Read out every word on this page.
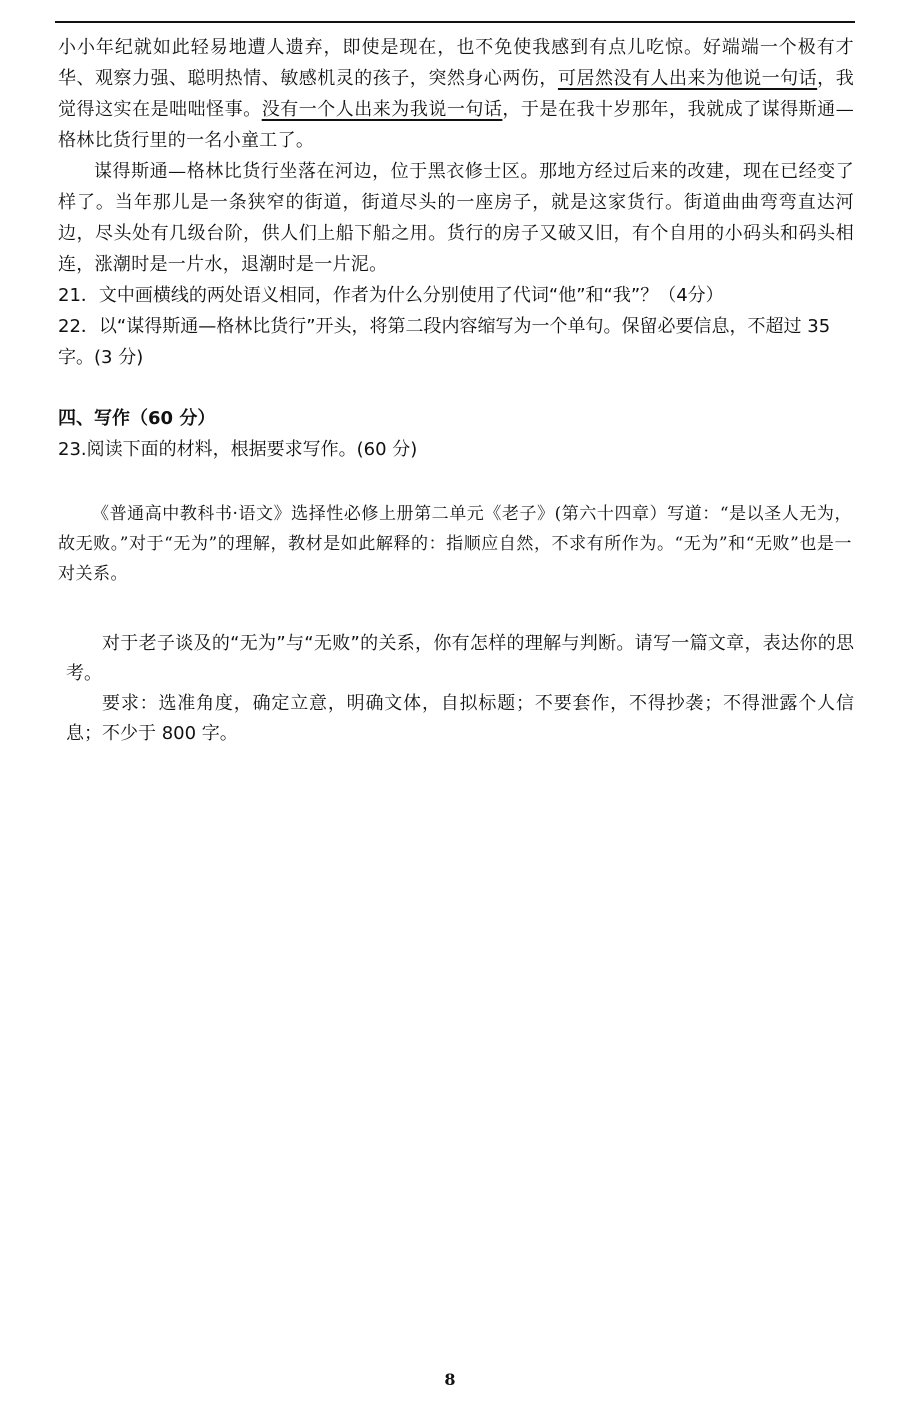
小小年纪就如此轻易地遭人遗弃，即使是现在，也不免使我感到有点儿吃惊。好端端一个极有才华、观察力强、聪明热情、敏感机灵的孩子，突然身心两伤，可居然没有人出来为他说一句话，我觉得这实在是咄咄怪事。没有一个人出来为我说一句话，于是在我十岁那年，我就成了谋得斯通—格林比货行里的一名小童工了。

谋得斯通—格林比货行坐落在河边，位于黑衣修士区。那地方经过后来的改建，现在已经变了样了。当年那儿是一条狭窄的街道，街道尽头的一座房子，就是这家货行。街道曲曲弯弯直达河边，尽头处有几级台阶，供人们上船下船之用。货行的房子又破又旧，有个自用的小码头和码头相连，涨潮时是一片水，退潮时是一片泥。

21．文中画横线的两处语义相同，作者为什么分别使用了代词“他”和“我”？（4分）

22．以“谋得斯通—格林比货行”开头，将第二段内容缩写为一个单句。保留必要信息，不超过 35 字。(3 分)

四、写作（60 分）

23.阅读下面的材料，根据要求写作。(60 分)

《普通高中教科书·语文》选择性必修上册第二单元《老子》(第六十四章）写道：“是以圣人无为，故无败。”对于“无为”的理解，教材是如此解释的：指顺应自然，不求有所作为。“无为”和“无败”也是一对关系。

对于老子谈及的“无为”与“无败”的关系，你有怎样的理解与判断。请写一篇文章，表达你的思考。

要求：选准角度，确定立意，明确文体，自拟标题；不要套作，不得抄袭；不得泄露个人信息；不少于 800 字。

8
